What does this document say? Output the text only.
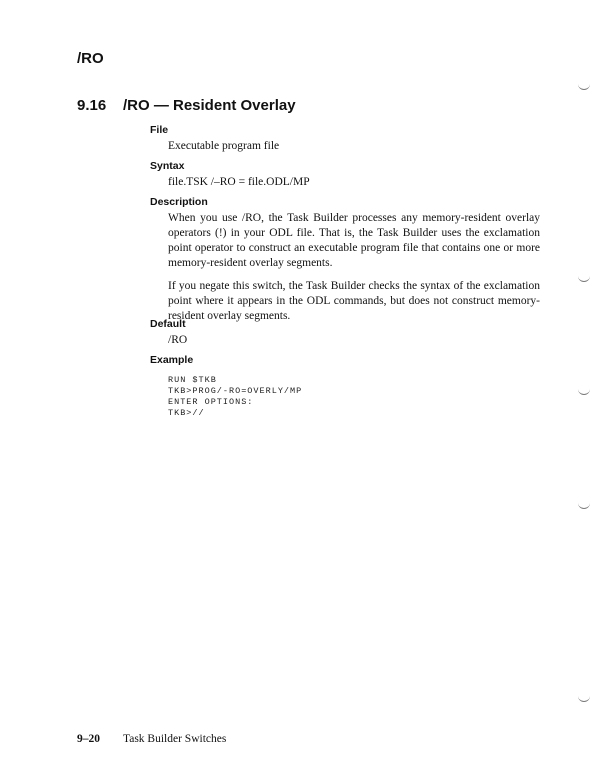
/RO
9.16 /RO — Resident Overlay
File
Executable program file
Syntax
file.TSK /–RO = file.ODL/MP
Description

When you use /RO, the Task Builder processes any memory-resident overlay operators (!) in your ODL file. That is, the Task Builder uses the exclamation point operator to construct an executable program file that contains one or more memory-resident overlay segments.

If you negate this switch, the Task Builder checks the syntax of the exclamation point where it appears in the ODL commands, but does not construct memory-resident overlay segments.

Default
/RO
Example
RUN $TKB
TKB>PROG/-RO=OVERLY/MP
ENTER OPTIONS:
TKB>//
9–20 Task Builder Switches
